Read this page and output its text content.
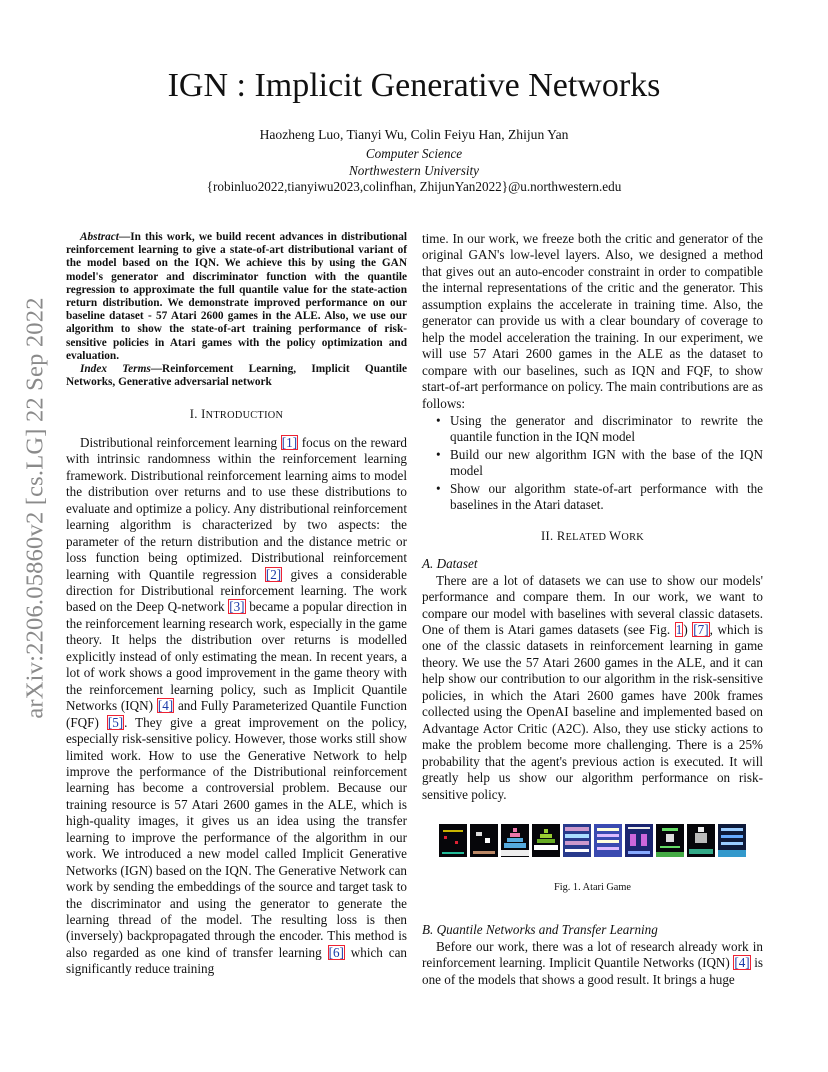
arXiv:2206.05860v2 [cs.LG] 22 Sep 2022
IGN : Implicit Generative Networks
Haozheng Luo, Tianyi Wu, Colin Feiyu Han, Zhijun Yan
Computer Science
Northwestern University
{robinluo2022,tianyiwu2023,colinfhan, ZhijunYan2022}@u.northwestern.edu

Abstract—In this work, we build recent advances in distributional reinforcement learning to give a state-of-art distributional variant of the model based on the IQN. We achieve this by using the GAN model's generator and discriminator function with the quantile regression to approximate the full quantile value for the state-action return distribution. We demonstrate improved performance on our baseline dataset - 57 Atari 2600 games in the ALE. Also, we use our algorithm to show the state-of-art training performance of risk-sensitive policies in Atari games with the policy optimization and evaluation.

Index Terms—Reinforcement Learning, Implicit Quantile Networks, Generative adversarial network

I. INTRODUCTION

Distributional reinforcement learning [1] focus on the reward with intrinsic randomness within the reinforcement learning framework. Distributional reinforcement learning aims to model the distribution over returns and to use these distributions to evaluate and optimize a policy. Any distributional reinforcement learning algorithm is characterized by two aspects: the parameter of the return distribution and the distance metric or loss function being optimized. Distributional reinforcement learning with Quantile regression [2] gives a considerable direction for Distributional reinforcement learning. The work based on the Deep Q-network [3] became a popular direction in the reinforcement learning research work, especially in the game theory. It helps the distribution over returns is modelled explicitly instead of only estimating the mean. In recent years, a lot of work shows a good improvement in the game theory with the reinforcement learning policy, such as Implicit Quantile Networks (IQN) [4] and Fully Parameterized Quantile Function (FQF) [5]. They give a great improvement on the policy, especially risk-sensitive policy. However, those works still show limited work. How to use the Generative Network to help improve the performance of the Distributional reinforcement learning has become a controversial problem. Because our training resource is 57 Atari 2600 games in the ALE, which is high-quality images, it gives us an idea using the transfer learning to improve the performance of the algorithm in our work. We introduced a new model called Implicit Generative Networks (IGN) based on the IQN. The Generative Network can work by sending the embeddings of the source and target task to the discriminator and using the generator to generate the learning thread of the model. The resulting loss is then (inversely) backpropagated through the encoder. This method is also regarded as one kind of transfer learning [6] which can significantly reduce training

time. In our work, we freeze both the critic and generator of the original GAN's low-level layers. Also, we designed a method that gives out an auto-encoder constraint in order to compatible the internal representations of the critic and the generator. This assumption explains the accelerate in training time. Also, the generator can provide us with a clear boundary of coverage to help the model acceleration the training. In our experiment, we will use 57 Atari 2600 games in the ALE as the dataset to compare with our baselines, such as IQN and FQF, to show start-of-art performance on policy. The main contributions are as follows:

• Using the generator and discriminator to rewrite the quantile function in the IQN model
• Build our new algorithm IGN with the base of the IQN model
• Show our algorithm state-of-art performance with the baselines in the Atari dataset.
II. RELATED WORK

A. Dataset

There are a lot of datasets we can use to show our models' performance and compare them. In our work, we want to compare our model with baselines with several classic datasets. One of them is Atari games datasets (see Fig. 1) [7], which is one of the classic datasets in reinforcement learning in game theory. We use the 57 Atari 2600 games in the ALE, and it can help show our contribution to our algorithm in the risk-sensitive policies, in which the Atari 2600 games have 200k frames collected using the OpenAI baseline and implemented based on Advantage Actor Critic (A2C). Also, they use sticky actions to make the problem become more challenging. There is a 25% probability that the agent's previous action is executed. It will greatly help us show our algorithm performance on risk-sensitive policy.

Fig. 1. Atari Game

B. Quantile Networks and Transfer Learning

Before our work, there was a lot of research already work in reinforcement learning. Implicit Quantile Networks (IQN) [4] is one of the models that shows a good result. It brings a huge
